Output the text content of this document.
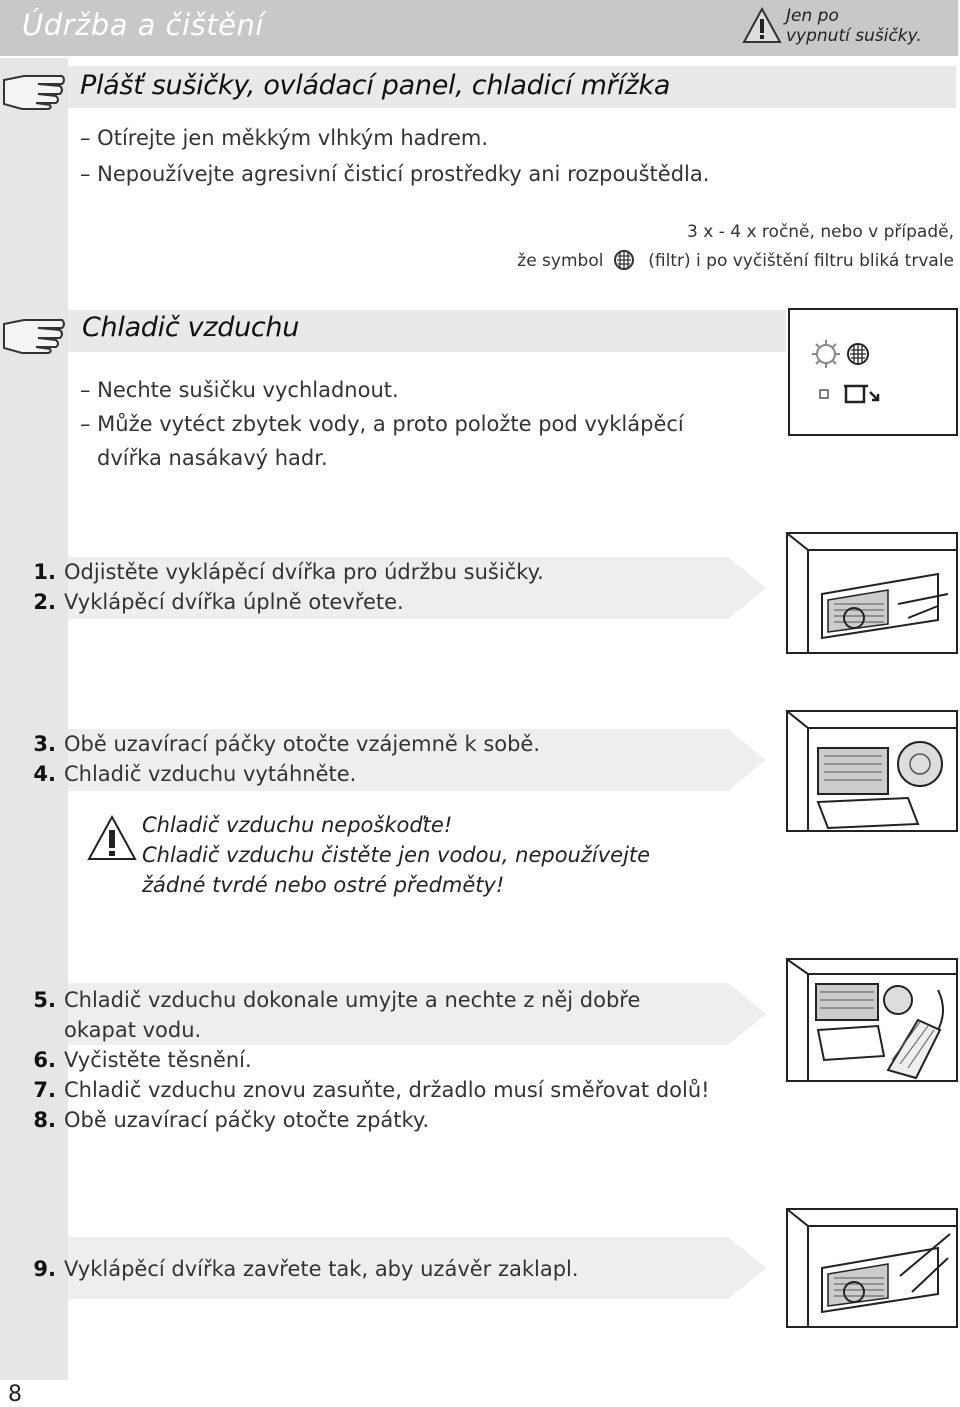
Údržba a čištění	Jen po
vypnutí sušičky.
Plášť sušičky, ovládací panel, chladicí mřížka
– Otírejte jen měkkým vlhkým hadrem.
– Nepoužívejte agresivní čisticí prostředky ani rozpouštědla.
3 x - 4 x ročně, nebo v případě,
že symbol	(filtr) i po vyčištění filtru bliká trvale
Chladič vzduchu
– Nechte sušičku vychladnout.
– Může vytéct zbytek vody, a proto položte pod vyklápěcí
dvířka nasákavý hadr.
1. Odjistěte vyklápěcí dvířka pro údržbu sušičky.
2. Vyklápěcí dvířka úplně otevřete.
3. Obě uzavírací páčky otočte vzájemně k sobě.
4. Chladič vzduchu vytáhněte.
Chladič vzduchu nepoškoďte!
Chladič vzduchu čistěte jen vodou, nepoužívejte
žádné tvrdé nebo ostré předměty!
5. Chladič vzduchu dokonale umyjte a nechte z něj dobře
okapat vodu.
6. Vyčistěte těsnění.
7. Chladič vzduchu znovu zasuňte, držadlo musí směřovat dolů!
8. Obě uzavírací páčky otočte zpátky.
9. Vyklápěcí dvířka zavřete tak, aby uzávěr zaklapl.
8
